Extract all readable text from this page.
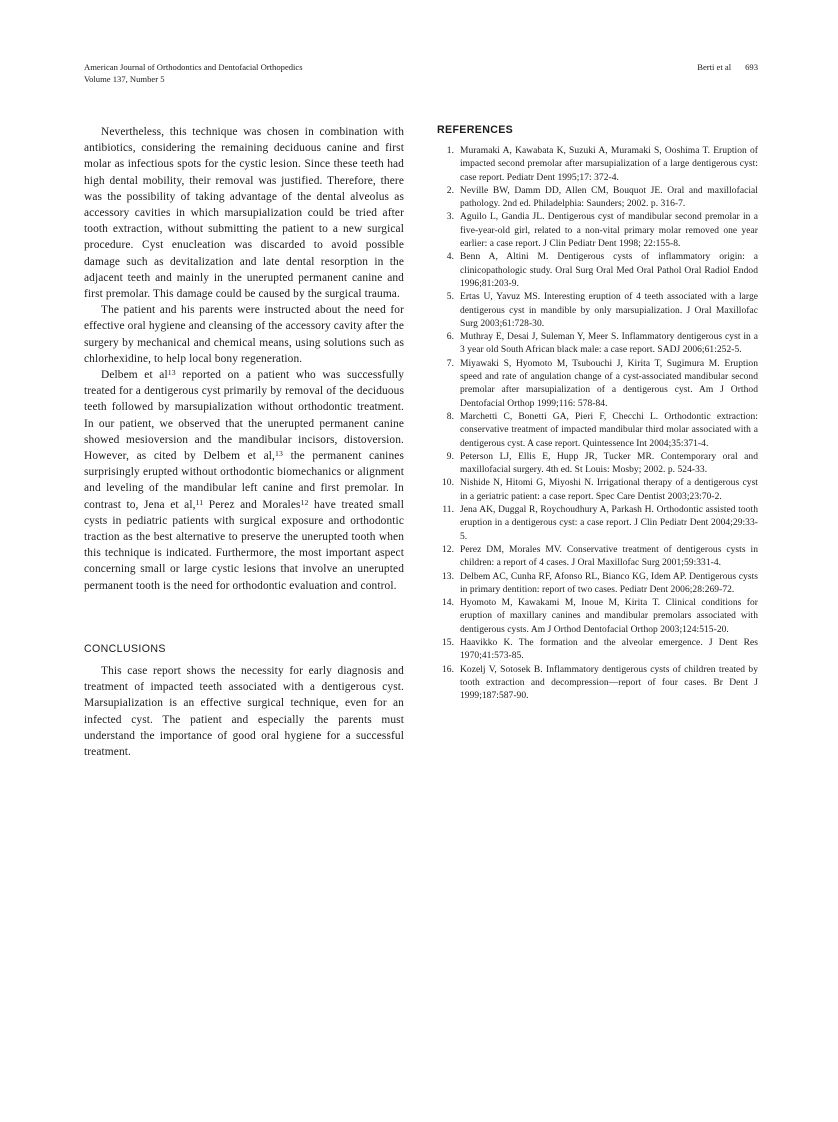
American Journal of Orthodontics and Dentofacial Orthopedics
Volume 137, Number 5
Berti et al 693

Nevertheless, this technique was chosen in combination with antibiotics, considering the remaining deciduous canine and first molar as infectious spots for the cystic lesion. Since these teeth had high dental mobility, their removal was justified. Therefore, there was the possibility of taking advantage of the dental alveolus as accessory cavities in which marsupialization could be tried after tooth extraction, without submitting the patient to a new surgical procedure. Cyst enucleation was discarded to avoid possible damage such as devitalization and late dental resorption in the adjacent teeth and mainly in the unerupted permanent canine and first premolar. This damage could be caused by the surgical trauma.

The patient and his parents were instructed about the need for effective oral hygiene and cleansing of the accessory cavity after the surgery by mechanical and chemical means, using solutions such as chlorhexidine, to help local bony regeneration.

Delbem et $al^{13}$ reported on a patient who was successfully treated for a dentigerous cyst primarily by removal of the deciduous teeth followed by marsupialization without orthodontic treatment. In our patient, we observed that the unerupted permanent canine showed mesioversion and the mandibular incisors, distoversion. However, as cited by Delbem et al,$^{13}$ the permanent canines surprisingly erupted without orthodontic biomechanics or alignment and leveling of the mandibular left canine and first premolar. In contrast to, Jena et al,$^{11}$ Perez and Morales$^{12}$ have treated small cysts in pediatric patients with surgical exposure and orthodontic traction as the best alternative to preserve the unerupted tooth when this technique is indicated. Furthermore, the most important aspect concerning small or large cystic lesions that involve an unerupted permanent tooth is the need for orthodontic evaluation and control.

CONCLUSIONS

This case report shows the necessity for early diagnosis and treatment of impacted teeth associated with a dentigerous cyst. Marsupialization is an effective surgical technique, even for an infected cyst. The patient and especially the parents must understand the importance of good oral hygiene for a successful treatment.

REFERENCES
Muramaki A, Kawabata K, Suzuki A, Muramaki S, Ooshima T. Eruption of impacted second premolar after marsupialization of a large dentigerous cyst: case report. Pediatr Dent 1995;17: 372-4.
Neville BW, Damm DD, Allen CM, Bouquot JE. Oral and maxillofacial pathology. 2nd ed. Philadelphia: Saunders; 2002. p. 316-7.
Aguilo L, Gandia JL. Dentigerous cyst of mandibular second premolar in a five-year-old girl, related to a non-vital primary molar removed one year earlier: a case report. J Clin Pediatr Dent 1998; 22:155-8.
Benn A, Altini M. Dentigerous cysts of inflammatory origin: a clinicopathologic study. Oral Surg Oral Med Oral Pathol Oral Radiol Endod 1996;81:203-9.
Ertas U, Yavuz MS. Interesting eruption of 4 teeth associated with a large dentigerous cyst in mandible by only marsupialization. J Oral Maxillofac Surg 2003;61:728-30.
Muthray E, Desai J, Suleman Y, Meer S. Inflammatory dentigerous cyst in a 3 year old South African black male: a case report. SADJ 2006;61:252-5.
Miyawaki S, Hyomoto M, Tsubouchi J, Kirita T, Sugimura M. Eruption speed and rate of angulation change of a cyst-associated mandibular second premolar after marsupialization of a dentigerous cyst. Am J Orthod Dentofacial Orthop 1999;116: 578-84.
Marchetti C, Bonetti GA, Pieri F, Checchi L. Orthodontic extraction: conservative treatment of impacted mandibular third molar associated with a dentigerous cyst. A case report. Quintessence Int 2004;35:371-4.
Peterson LJ, Ellis E, Hupp JR, Tucker MR. Contemporary oral and maxillofacial surgery. 4th ed. St Louis: Mosby; 2002. p. 524-33.
Nishide N, Hitomi G, Miyoshi N. Irrigational therapy of a dentigerous cyst in a geriatric patient: a case report. Spec Care Dentist 2003;23:70-2.
Jena AK, Duggal R, Roychoudhury A, Parkash H. Orthodontic assisted tooth eruption in a dentigerous cyst: a case report. J Clin Pediatr Dent 2004;29:33-5.
Perez DM, Morales MV. Conservative treatment of dentigerous cysts in children: a report of 4 cases. J Oral Maxillofac Surg 2001;59:331-4.
Delbem AC, Cunha RF, Afonso RL, Bianco KG, Idem AP. Dentigerous cysts in primary dentition: report of two cases. Pediatr Dent 2006;28:269-72.
Hyomoto M, Kawakami M, Inoue M, Kirita T. Clinical conditions for eruption of maxillary canines and mandibular premolars associated with dentigerous cysts. Am J Orthod Dentofacial Orthop 2003;124:515-20.
Haavikko K. The formation and the alveolar emergence. J Dent Res 1970;41:573-85.
Kozelj V, Sotosek B. Inflammatory dentigerous cysts of children treated by tooth extraction and decompression—report of four cases. Br Dent J 1999;187:587-90.
